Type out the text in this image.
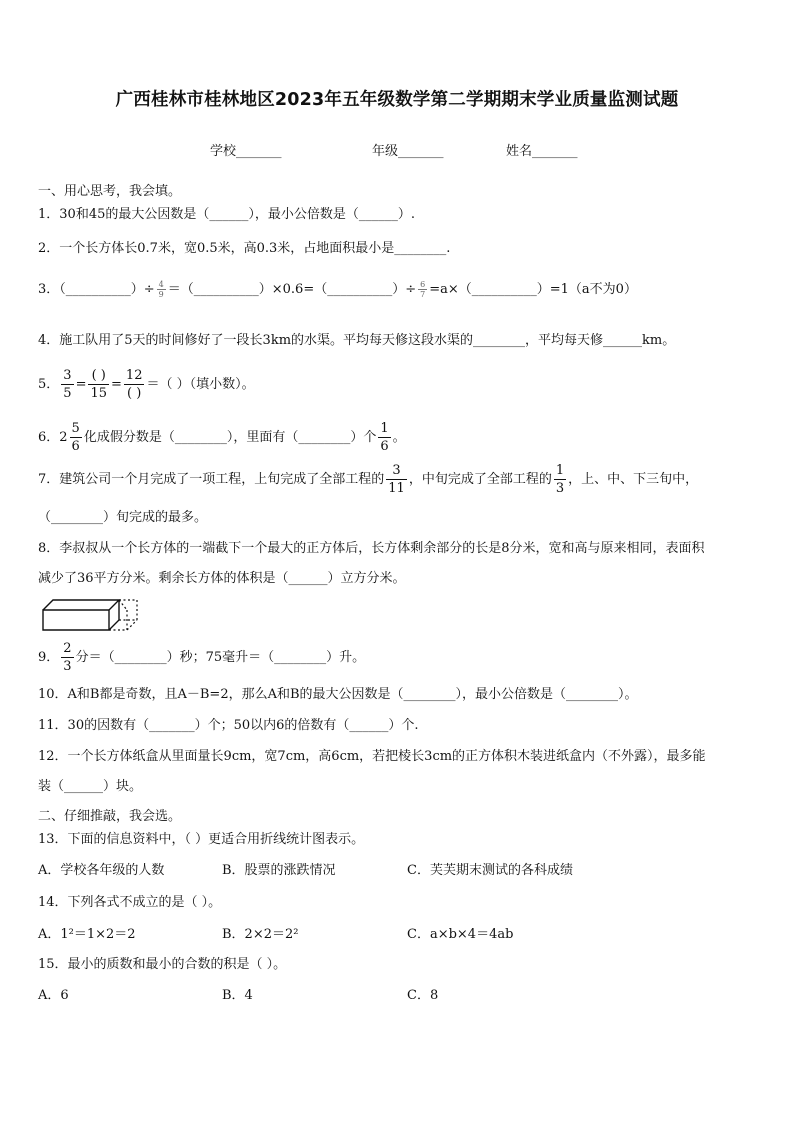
广西桂林市桂林地区2023年五年级数学第二学期期末学业质量监测试题
学校_______	年级_______	姓名_______
一、用心思考，我会填。
1．30和45的最大公因数是（______），最小公倍数是（______）.
2．一个长方体长0.7米，宽0.5米，高0.3米，占地面积最小是________.
3．（__________）÷ $\frac{4}{9}$ ＝（__________）×0.6=（__________）÷ $\frac{6}{7}$ =a×（__________）=1（a不为0）
4．施工队用了5天的时间修好了一段长3km的水渠。平均每天修这段水渠的________，平均每天修______km。
5． $\frac{3}{5} = \frac{( )}{15} = \frac{12}{( )}$ ＝（ ）（填小数）。
6．$2 \frac{5}{6}$ 化成假分数是（________），里面有（________）个 $\frac{1}{6}$ 。
7．建筑公司一个月完成了一项工程，上旬完成了全部工程的 $\frac{3}{11}$ ，中旬完成了全部工程的 $\frac{1}{3}$ ，上、中、下三旬中，
（________）旬完成的最多。
8．李叔叔从一个长方体的一端截下一个最大的正方体后，长方体剩余部分的长是8分米，宽和高与原来相同，表面积
减少了36平方分米。剩余长方体的体积是（______）立方分米。
9． $\frac{2}{3}$ 分＝（________）秒；75毫升＝（________）升。
10．A和B都是奇数，且A－B=2，那么A和B的最大公因数是（________），最小公倍数是（________）。
11．30的因数有（_______）个；50以内6的倍数有（______）个.
12．一个长方体纸盒从里面量长9cm，宽7cm，高6cm，若把棱长3cm的正方体积木装进纸盒内（不外露），最多能
装（______）块。
二、仔细推敲，我会选。
13．下面的信息资料中，（ ）更适合用折线统计图表示。
A．学校各年级的人数	B．股票的涨跌情况	C．芙芙期末测试的各科成绩
14．下列各式不成立的是（ ）。
A．1²＝1×2＝2	B．2×2＝2²	C．a×b×4＝4ab
15．最小的质数和最小的合数的积是（ ）。
A．6	B．4	C．8
